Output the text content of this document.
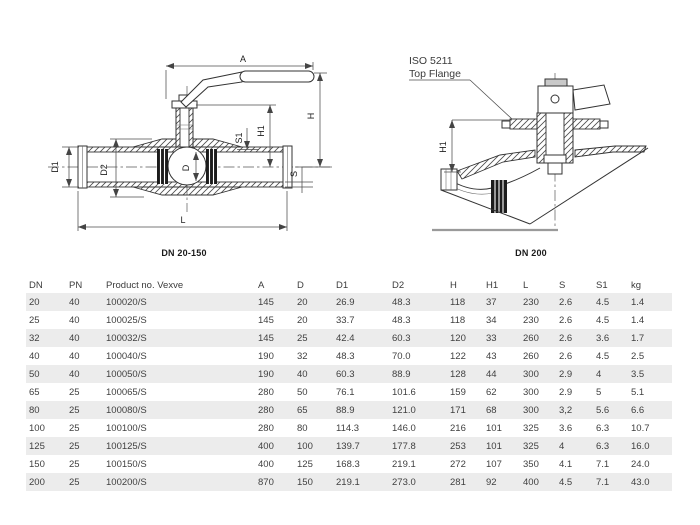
A
H
H1
S1
D1	D2	D
S
L
DN 20-150
ISO 5211
Top Flange
H1
DN 200
DN	PN	Product no. Vexve	A	D	D1	D2	H	H1	L	S	S1	kg
20	40	100020/S	145	20	26.9	48.3	118	37	230	2.6	4.5	1.4
25	40	100025/S	145	20	33.7	48.3	118	34	230	2.6	4.5	1.4
32	40	100032/S	145	25	42.4	60.3	120	33	260	2.6	3.6	1.7
40	40	100040/S	190	32	48.3	70.0	122	43	260	2.6	4.5	2.5
50	40	100050/S	190	40	60.3	88.9	128	44	300	2.9	4	3.5
65	25	100065/S	280	50	76.1	101.6	159	62	300	2.9	5	5.1
80	25	100080/S	280	65	88.9	121.0	171	68	300	3,2	5.6	6.6
100	25	100100/S	280	80	114.3	146.0	216	101	325	3.6	6.3	10.7
125	25	100125/S	400	100	139.7	177.8	253	101	325	4	6.3	16.0
150	25	100150/S	400	125	168.3	219.1	272	107	350	4.1	7.1	24.0
200	25	100200/S	870	150	219.1	273.0	281	92	400	4.5	7.1	43.0
